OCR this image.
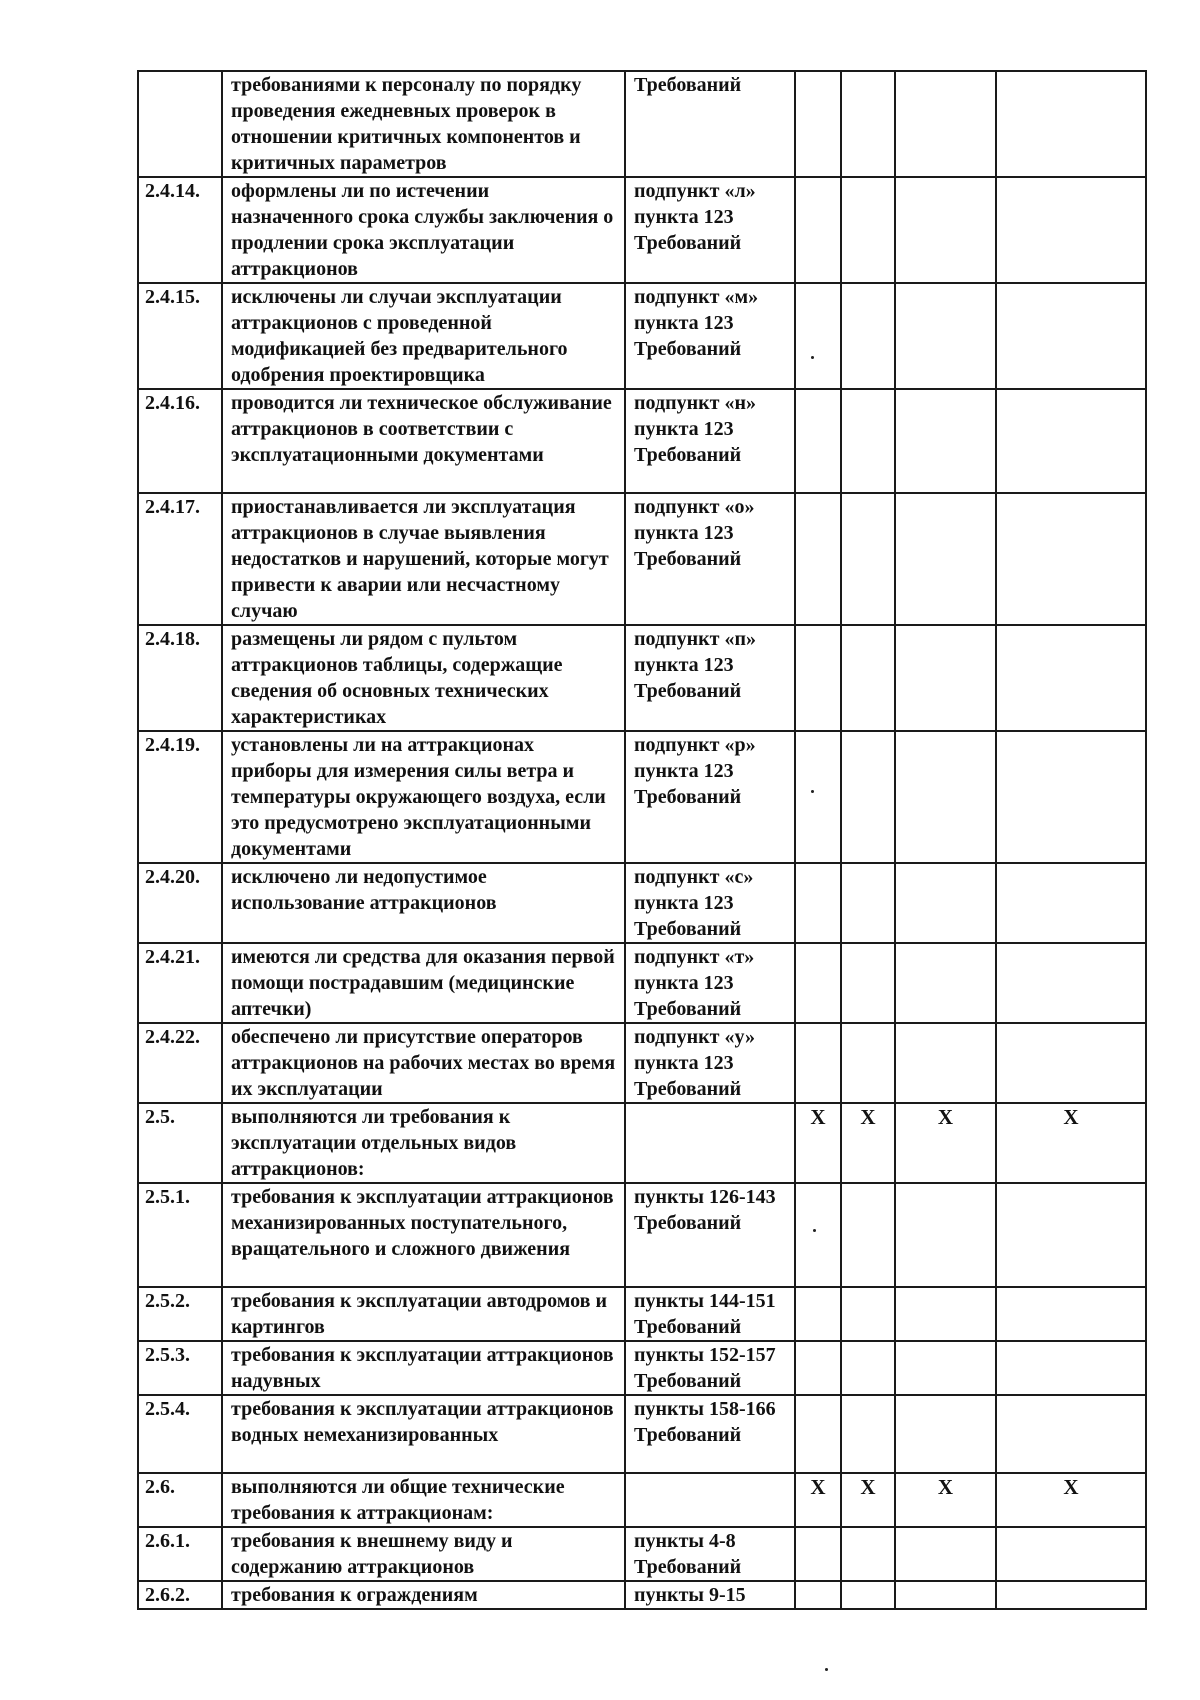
	требованиями к персоналу по порядку проведения ежедневных проверок в отношении критичных компонентов и критичных параметров	Требований				
2.4.14.	оформлены ли по истечении назначенного срока службы заключения о продлении срока эксплуатации аттракционов	подпункт «л» пункта 123 Требований				
2.4.15.	исключены ли случаи эксплуатации аттракционов с проведенной модификацией без предварительного одобрения проектировщика	подпункт «м» пункта 123 Требований				
2.4.16.	проводится ли техническое обслуживание аттракционов в соответствии с эксплуатационными документами	подпункт «н» пункта 123 Требований				
2.4.17.	приостанавливается ли эксплуатация аттракционов в случае выявления недостатков и нарушений, которые могут привести к аварии или несчастному случаю	подпункт «о» пункта 123 Требований				
2.4.18.	размещены ли рядом с пультом аттракционов таблицы, содержащие сведения об основных технических характеристиках	подпункт «п» пункта 123 Требований				
2.4.19.	установлены ли на аттракционах приборы для измерения силы ветра и температуры окружающего воздуха, если это предусмотрено эксплуатационными документами	подпункт «р» пункта 123 Требований				
2.4.20.	исключено ли недопустимое использование аттракционов	подпункт «с» пункта 123 Требований				
2.4.21.	имеются ли средства для оказания первой помощи пострадавшим (медицинские аптечки)	подпункт «т» пункта 123 Требований				
2.4.22.	обеспечено ли присутствие операторов аттракционов на рабочих местах во время их эксплуатации	подпункт «у» пункта 123 Требований				
2.5.	выполняются ли требования к эксплуатации отдельных видов аттракционов:		Х	Х	Х	Х
2.5.1.	требования к эксплуатации аттракционов механизированных поступательного, вращательного и сложного движения	пункты 126-143 Требований				
2.5.2.	требования к эксплуатации автодромов и картингов	пункты 144-151 Требований				
2.5.3.	требования к эксплуатации аттракционов надувных	пункты 152-157 Требований				
2.5.4.	требования к эксплуатации аттракционов водных немеханизированных	пункты 158-166 Требований				
2.6.	выполняются ли общие технические требования к аттракционам:		Х	Х	Х	Х
2.6.1.	требования к внешнему виду и содержанию аттракционов	пункты 4-8 Требований				
2.6.2.	требования к ограждениям	пункты 9-15				
